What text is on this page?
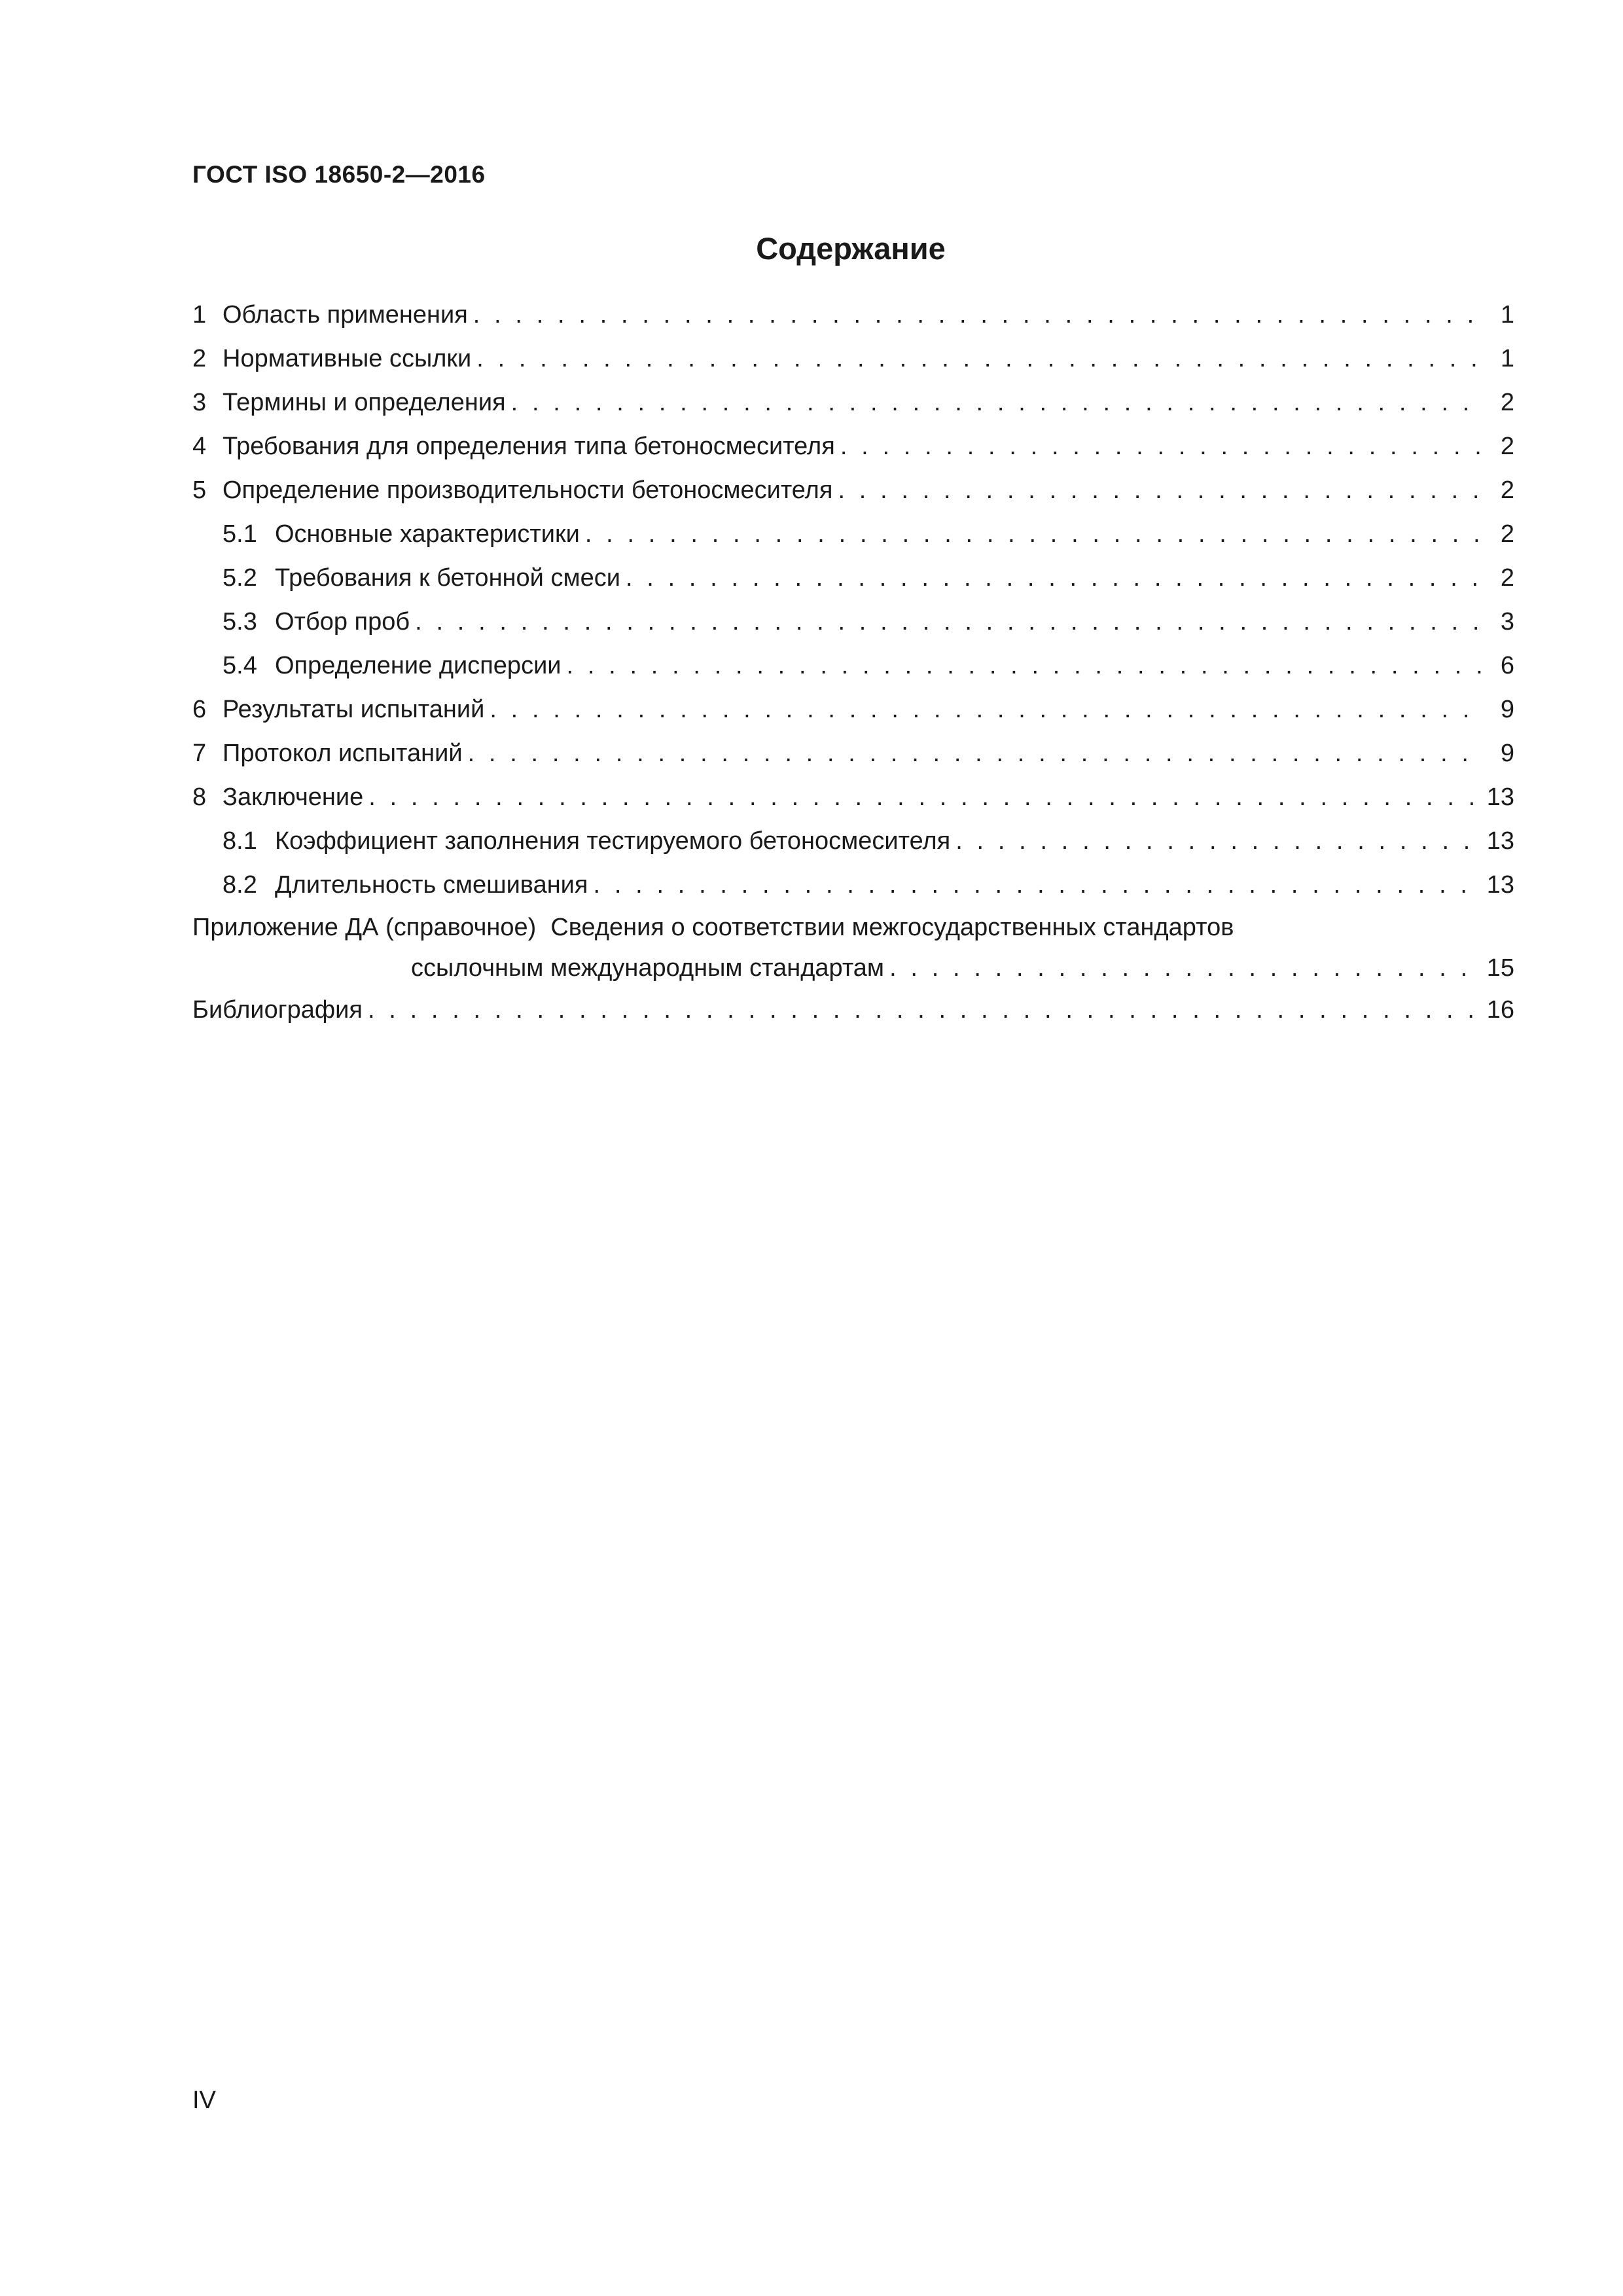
ГОСТ ISO 18650-2—2016
Содержание
1 Область применения . . .	1
2 Нормативные ссылки . . .	1
3 Термины и определения . . .	2
4 Требования для определения типа бетоносмесителя . . .	2
5 Определение производительности бетоносмесителя . . .	2
5.1 Основные характеристики . . .	2
5.2 Требования к бетонной смеси . . .	2
5.3 Отбор проб . . .	3
5.4 Определение дисперсии . . .	6
6 Результаты испытаний . . .	9
7 Протокол испытаний . . .	9
8 Заключение . . .	13
8.1 Коэффициент заполнения тестируемого бетоносмесителя . . .	13
8.2 Длительность смешивания . . .	13
Приложение ДА (справочное) Сведения о соответствии межгосударственных стандартов
ссылочным международным стандартам . . .	15
Библиография . . .	16
IV
